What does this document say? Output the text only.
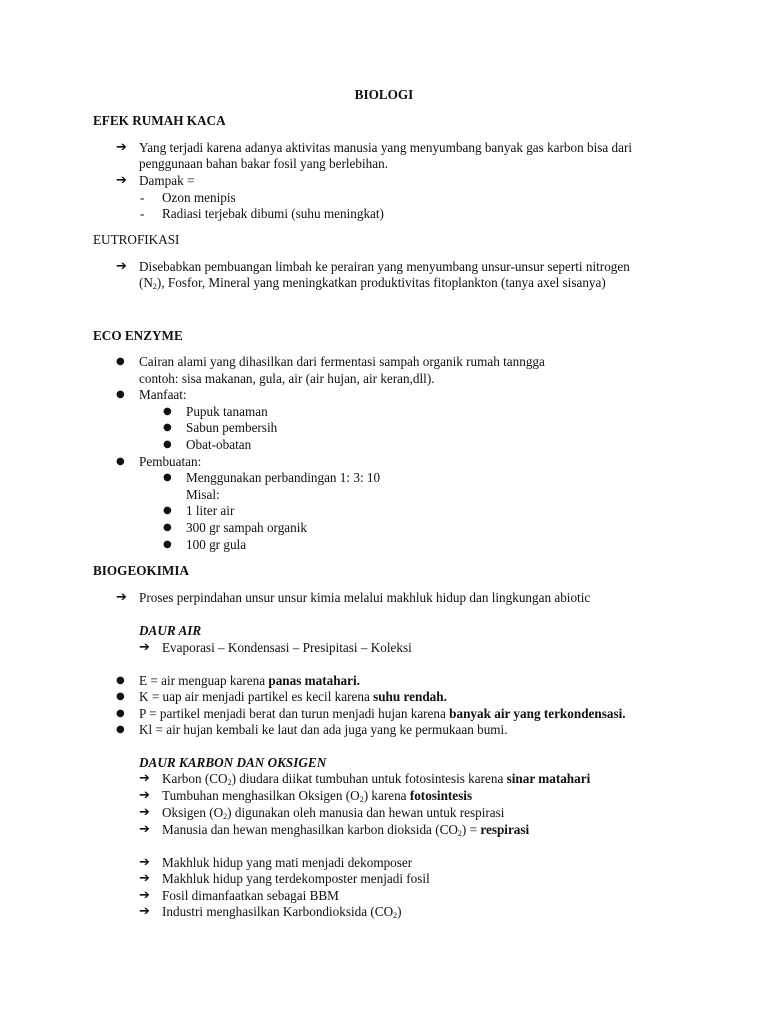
BIOLOGI
EFEK RUMAH KACA
➔ Yang terjadi karena adanya aktivitas manusia yang menyumbang banyak gas karbon bisa dari
penggunaan bahan bakar fosil yang berlebihan.
➔ Dampak =
- Ozon menipis
- Radiasi terjebak dibumi (suhu meningkat)
EUTROFIKASI
➔ Disebabkan pembuangan limbah ke perairan yang menyumbang unsur-unsur seperti nitrogen
$(N_2)$, Fosfor, Mineral yang meningkatkan produktivitas fitoplankton (tanya axel sisanya)
ECO ENZYME
● Cairan alami yang dihasilkan dari fermentasi sampah organik rumah tanngga
contoh: sisa makanan, gula, air (air hujan, air keran,dll).
● Manfaat:
● Pupuk tanaman
● Sabun pembersih
● Obat-obatan
● Pembuatan:
● Menggunakan perbandingan 1: 3: 10
Misal:
● 1 liter air
● 300 gr sampah organik
● 100 gr gula
BIOGEOKIMIA
➔ Proses perpindahan unsur unsur kimia melalui makhluk hidup dan lingkungan abiotic
DAUR AIR
➔ Evaporasi – Kondensasi – Presipitasi – Koleksi
● E = air menguap karena panas matahari.
● K = uap air menjadi partikel es kecil karena suhu rendah.
● P = partikel menjadi berat dan turun menjadi hujan karena banyak air yang terkondensasi.
● Kl = air hujan kembali ke laut dan ada juga yang ke permukaan bumi.
DAUR KARBON DAN OKSIGEN
➔ Karbon $(CO_2)$ diudara diikat tumbuhan untuk fotosintesis karena sinar matahari
➔ Tumbuhan menghasilkan Oksigen $(O_2)$ karena fotosintesis
➔ Oksigen $(O_2)$ digunakan oleh manusia dan hewan untuk respirasi
➔ Manusia dan hewan menghasilkan karbon dioksida $(CO_2)$ = respirasi
➔ Makhluk hidup yang mati menjadi dekomposer
➔ Makhluk hidup yang terdekomposter menjadi fosil
➔ Fosil dimanfaatkan sebagai BBM
➔ Industri menghasilkan Karbondioksida $(CO_2)$
